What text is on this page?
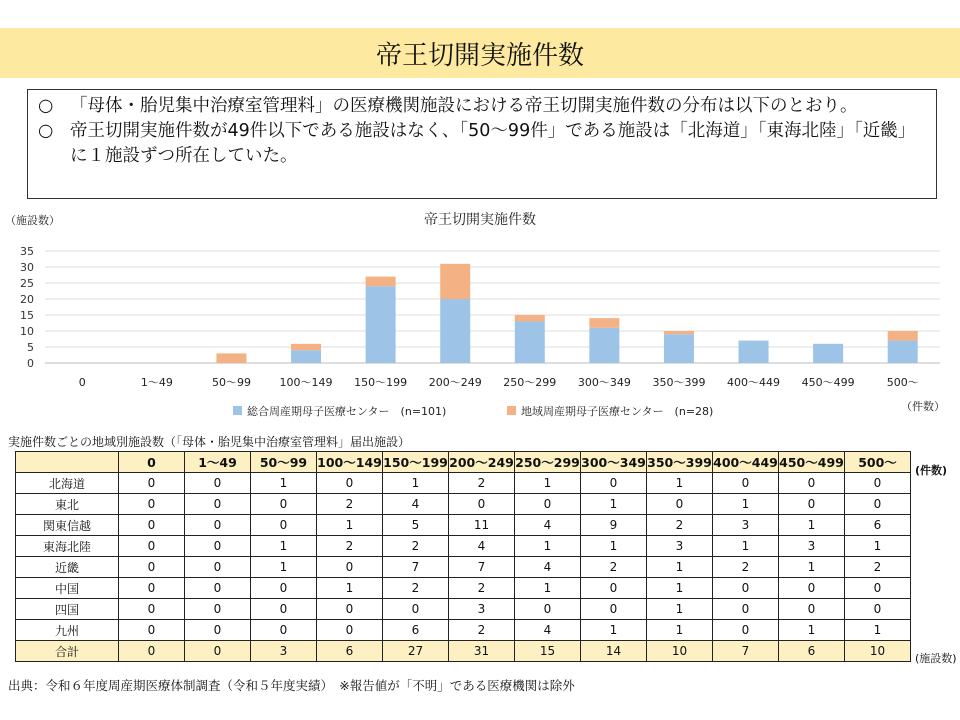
帝王切開実施件数
○ 「母体・胎児集中治療室管理料」の医療機関施設における帝王切開実施件数の分布は以下のとおり。
○ 帝王切開実施件数が49件以下である施設はなく、「50～99件」である施設は「北海道」「東海北陸」「近畿」に１施設ずつ所在していた。
帝王切開実施件数
（施設数）
0
5
10
15
20
25
30
35
0	1～49	50～99	100～149 150～199 200～249 250～299 300～349 350～399 400～449 450～499	500～
（件数）
総合周産期母子医療センター　(n=101)	地域周産期母子医療センター　(n=28)
実施件数ごとの地域別施設数（「母体・胎児集中治療室管理料」届出施設）
	0	1～49	50～99	100～149	150～199	200～249	250～299	300～349	350～399	400～449	450～499	500～
北海道	0	0	1	0	1	2	1	0	1	0	0	0
東北	0	0	0	2	4	0	0	1	0	1	0	0
関東信越	0	0	0	1	5	11	4	9	2	3	1	6
東海北陸	0	0	1	2	2	4	1	1	3	1	3	1
近畿	0	0	1	0	7	7	4	2	1	2	1	2
中国	0	0	0	1	2	2	1	0	1	0	0	0
四国	0	0	0	0	0	3	0	0	1	0	0	0
九州	0	0	0	0	6	2	4	1	1	0	1	1
合計	0	0	3	6	27	31	15	14	10	7	6	10
(件数)
(施設数)
出典：令和６年度周産期医療体制調査（令和５年度実績）　※報告値が「不明」である医療機関は除外
